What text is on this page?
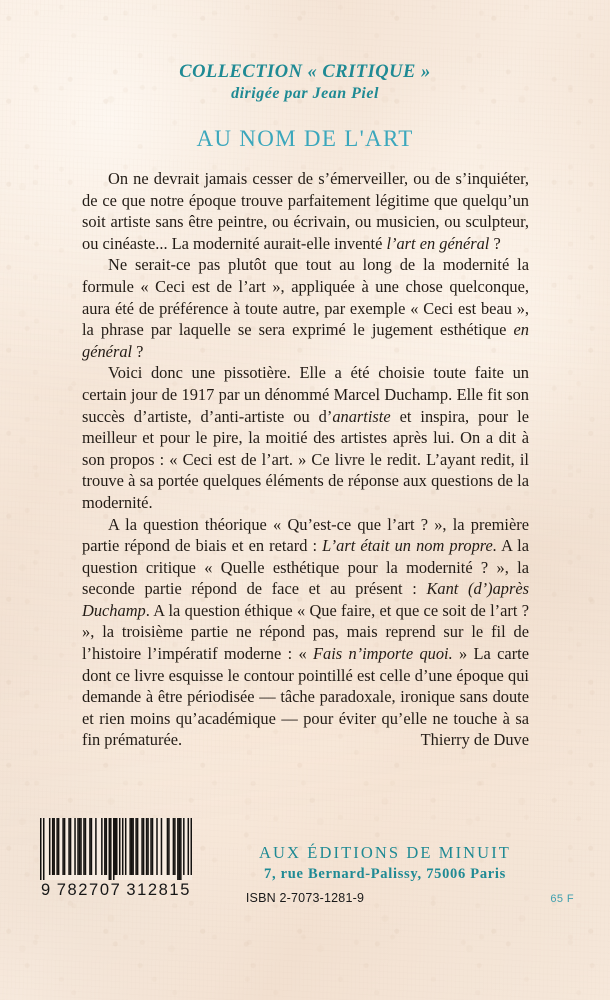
COLLECTION « CRITIQUE »
dirigée par Jean Piel
AU NOM DE L'ART

On ne devrait jamais cesser de s’émerveiller, ou de s’inquiéter, de ce que notre époque trouve parfaitement légitime que quelqu’un soit artiste sans être peintre, ou écrivain, ou musicien, ou sculpteur, ou cinéaste... La modernité aurait-elle inventé l’art en général ?

Ne serait-ce pas plutôt que tout au long de la modernité la formule « Ceci est de l’art », appliquée à une chose quelconque, aura été de préférence à toute autre, par exemple « Ceci est beau », la phrase par laquelle se sera exprimé le jugement esthétique en général ?

Voici donc une pissotière. Elle a été choisie toute faite un certain jour de 1917 par un dénommé Marcel Duchamp. Elle fit son succès d’artiste, d’anti-artiste ou d’anartiste et inspira, pour le meilleur et pour le pire, la moitié des artistes après lui. On a dit à son propos : « Ceci est de l’art. » Ce livre le redit. L’ayant redit, il trouve à sa portée quelques éléments de réponse aux questions de la modernité.

A la question théorique « Qu’est-ce que l’art ? », la première partie répond de biais et en retard : L’art était un nom propre. A la question critique « Quelle esthétique pour la modernité ? », la seconde partie répond de face et au présent : Kant (d’)après Duchamp. A la question éthique « Que faire, et que ce soit de l’art ? », la troisième partie ne répond pas, mais reprend sur le fil de l’histoire l’impératif moderne : « Fais n’importe quoi. » La carte dont ce livre esquisse le contour pointillé est celle d’une époque qui demande à être périodisée — tâche paradoxale, ironique sans doute et rien moins qu’académique — pour éviter qu’elle ne touche à sa fin prématurée.	Thierry de Duve
9 782707 312815
AUX ÉDITIONS DE MINUIT
7, rue Bernard-Palissy, 75006 Paris
ISBN 2-7073-1281-9	65 F
